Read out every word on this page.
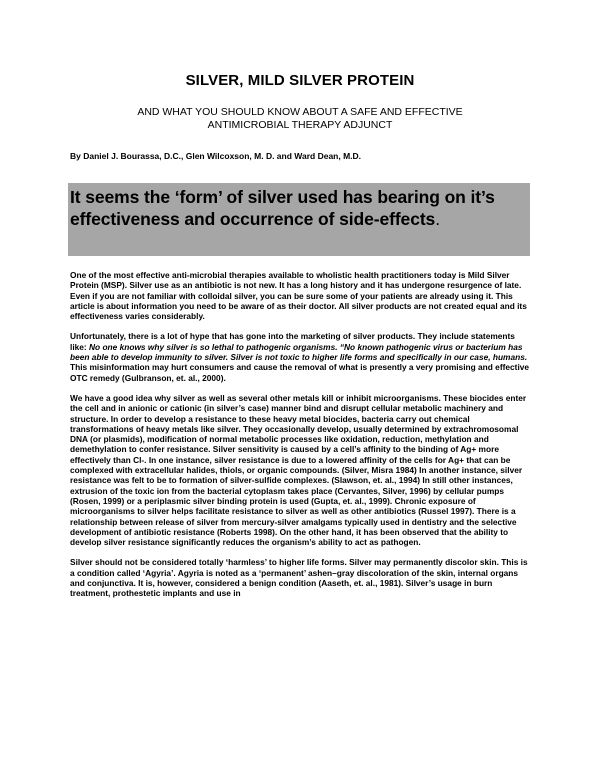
SILVER, MILD SILVER PROTEIN
AND WHAT YOU SHOULD KNOW ABOUT A SAFE AND EFFECTIVE
ANTIMICROBIAL THERAPY ADJUNCT
By Daniel J. Bourassa, D.C., Glen Wilcoxson, M. D. and Ward Dean, M.D.
It seems the ‘form’ of silver used has bearing on it’s effectiveness and occurrence of side-effects.

One of the most effective anti-microbial therapies available to wholistic health practitioners today is Mild Silver Protein (MSP). Silver use as an antibiotic is not new. It has a long history and it has undergone resurgence of late. Even if you are not familiar with colloidal silver, you can be sure some of your patients are already using it. This article is about information you need to be aware of as their doctor. All silver products are not created equal and its effectiveness varies considerably.

Unfortunately, there is a lot of hype that has gone into the marketing of silver products. They include statements like: No one knows why silver is so lethal to pathogenic organisms. “No known pathogenic virus or bacterium has been able to develop immunity to silver. Silver is not toxic to higher life forms and specifically in our case, humans. This misinformation may hurt consumers and cause the removal of what is presently a very promising and effective OTC remedy (Gulbranson, et. al., 2000).

We have a good idea why silver as well as several other metals kill or inhibit microorganisms. These biocides enter the cell and in anionic or cationic (in silver’s case) manner bind and disrupt cellular metabolic machinery and structure. In order to develop a resistance to these heavy metal biocides, bacteria carry out chemical transformations of heavy metals like silver. They occasionally develop, usually determined by extrachromosomal DNA (or plasmids), modification of normal metabolic processes like oxidation, reduction, methylation and demethylation to confer resistance. Silver sensitivity is caused by a cell’s affinity to the binding of Ag+ more effectively than Cl-. In one instance, silver resistance is due to a lowered affinity of the cells for Ag+ that can be complexed with extracellular halides, thiols, or organic compounds. (Silver, Misra 1984) In another instance, silver resistance was felt to be to formation of silver-sulfide complexes. (Slawson, et. al., 1994) In still other instances, extrusion of the toxic ion from the bacterial cytoplasm takes place (Cervantes, Silver, 1996) by cellular pumps (Rosen, 1999) or a periplasmic silver binding protein is used (Gupta, et. al., 1999). Chronic exposure of microorganisms to silver helps facilitate resistance to silver as well as other antibiotics (Russel 1997). There is a relationship between release of silver from mercury-silver amalgams typically used in dentistry and the selective development of antibiotic resistance (Roberts 1998). On the other hand, it has been observed that the ability to develop silver resistance significantly reduces the organism’s ability to act as pathogen.

Silver should not be considered totally ‘harmless’ to higher life forms. Silver may permanently discolor skin. This is a condition called ‘Agyria’. Agyria is noted as a ‘permanent’ ashen–gray discoloration of the skin, internal organs and conjunctiva. It is, however, considered a benign condition (Aaseth, et. al., 1981). Silver’s usage in burn treatment, prothestetic implants and use in
